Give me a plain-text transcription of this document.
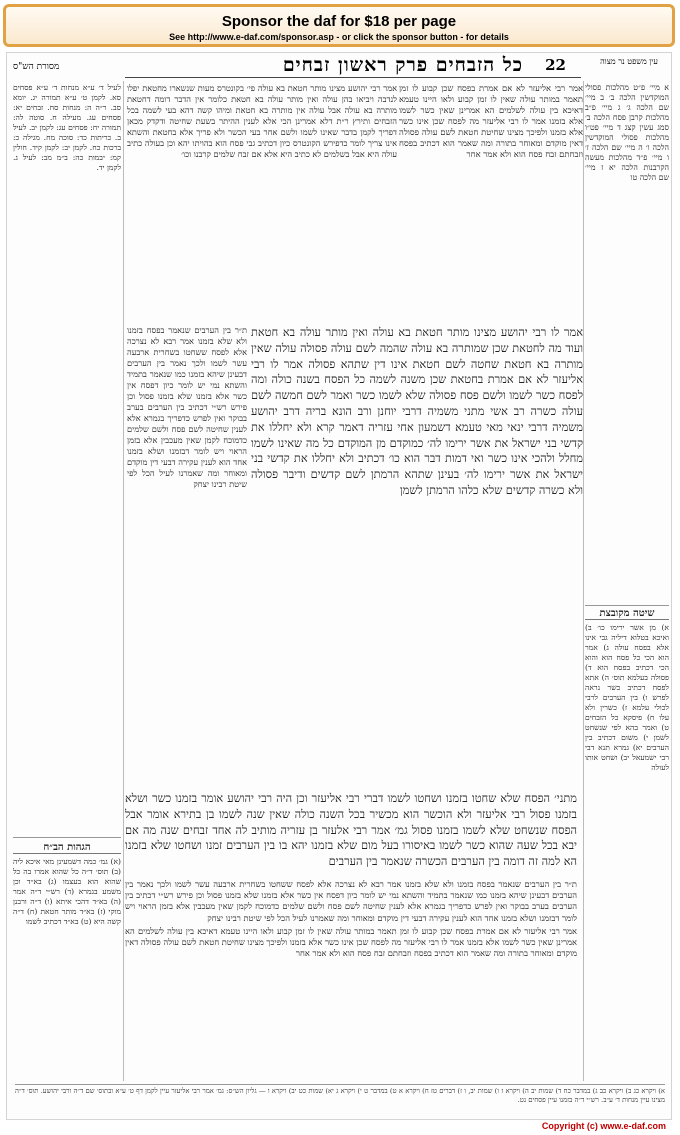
Sponsor the daf for $18 per page
See http://www.e-daf.com/sponsor.asp - or click the sponsor button - for details
22
כל הזבחים פרק ראשון זבחים	עין משפט נר מצוה
מסורת הש"ס

אמר רבי אליעזר לא אם אמרת בפסח שכן קבוע לו זמן תאמר במותר עולה שאין לו זמן קבוע ולאו היינו טעמא דאיכא בין עולה לשלמים הא אמרינן שאין כשר לשמו אלא בזמנו אמר לו רבי אליעזר מה לפסח שכן אינו כשר אלא בזמנו ולפיכך מצינו שחיטת חטאת לשם עולה פסולה דאין מוקדם ומאוחר בתורה ומה שאמר הוא דכתיב בפסח וזבחתם זבח פסח הוא ולא אמר אחר

אמר לו רבי יהושע מצינו מותר חטאת בא עולה ואין מותר עולה בא חטאת ועוד מה לחטאת שכן שמותרה בא עולה שהמה לשם עולה פסולה עולה שאין מותרה בא חטאת שחטה לשם חטאת אינו דין שתהא פסולה אמר לו רבי אליעזר לא אם אמרת בחטאת שכן משנה לשמה כל הפסח בשנה כולה ומה לפסח כשר לשמו ולשם פסח פסולה שלא לשמו כשר ואמר לשם חמשה לשם עולה כשרה רב אשי מתני משמיה דרבי יוחנן ורב הונא בריה דרב יהושע משמיה דרבי ינאי מאי טעמא דשמעון אחי עזריה דאמר קרא ולא יחללו את קדשי בני ישראל את אשר ירימו לה׳ כמוקדם מן המוקדם כל מה שאינו לשמו מחלל ולהכי אינו כשר ואי דמות דבר הוא כו׳ דכתיב ולא יחללו את קדשי בני ישראל את אשר ירימו לה׳ בעינן שתהא הרמתן לשם קדשים ודיבר פסולה ולא כשרה קדשים שלא כלהו הרמתן לשמן

אמר רבי יהושע מצינו מותר חטאת בא עולה פי׳ בקונטרס מעות שנשארו מחטאת יפלו לנדבה ויביאו בהן עולה ואין מותר עולה בא חטאת כלומר אין הדבר דומה דחטאת מותרה בא עולה אבל עולה אין מותרה בא חטאת ומיהו קשה דהא בעי לשמה בכל הזבחים ותירץ ר״ת דלא אמרינן הכי אלא לענין ההיתר בשעת שחיטה ודקדק מכאן דפריך לקמן בדבר שאינו לשמו ולשם אחר בעי הכשר ולא פריך אלא בחטאת והשתא אינו צריך לומר כדפירש הקונטרס כיון דכתיב גבי פסח הוא בהויתו יהא וכן בעולה כתיב עולה היא אבל בשלמים לא כתיב היא אלא אם זבח שלמים קרבנו וכו׳

ת״ר בין הערבים שנאמר בפסח בזמנו ולא שלא בזמנו אמר רבא לא נצרכה אלא לפסח ששחטו בשחרית ארבעה עשר לשמו ולכך נאמר בין הערבים דבעינן שיהא בזמנו כמו שנאמר בתמיד והשתא נמי יש לומר כיון דפסח אין כשר אלא בזמנו שלא בזמנו פסול וכן פירש רש״י דכתיב בין הערבים בערב בבוקר ואין לפרש כדפריך בגמרא אלא לענין שחיטה לשם פסח ולשם שלמים כדמוכח לקמן שאין מעכבין אלא בזמן הראוי ויש לומר דבזמנו ושלא בזמנו אחד הוא לענין עקירה דבעי דין מוקדם ומאוחר ומה שאמרנו לעיל הכל לפי שיטת רבינו יצחק

מתני׳ הפסח שלא שחטו בזמנו ושחטו לשמו דברי רבי אליעזר וכן היה רבי יהושע אומר בזמנו כשר ושלא בזמנו פסול רבי אליעזר ולא הוכשר הוא מכשיר בכל השנה כולה שאין שנה לשמו בן בתירא אומר אבל הפסח שנשחט שלא לשמו בזמנו פסול גמ׳ אמר רבי אלעזר בן עזריה מותיב לה אחד זבחים שנה מה אם יבא בכל שעה שהוא כשר לשמו באיסורו בעל מום שלא בזמנו יהא בו בין הערבים זמנו ושחטו שלא בזמנו הא למה זה דומה בין הערבים הכשרה שנאמר בין הערבים

ת״ר בין הערבים שנאמר בפסח בזמנו ולא שלא בזמנו אמר רבא לא נצרכה אלא לפסח ששחטו בשחרית ארבעה עשר לשמו ולכך נאמר בין הערבים דבעינן שיהא בזמנו כמו שנאמר בתמיד והשתא נמי יש לומר כיון דפסח אין כשר אלא בזמנו שלא בזמנו פסול וכן פירש רש״י דכתיב בין הערבים בערב בבוקר ואין לפרש כדפריך בגמרא אלא לענין שחיטה לשם פסח ולשם שלמים כדמוכח לקמן שאין מעכבין אלא בזמן הראוי ויש לומר דבזמנו ושלא בזמנו אחד הוא לענין עקירה דבעי דין מוקדם ומאוחר ומה שאמרנו לעיל הכל לפי שיטת רבינו יצחק

אמר רבי אליעזר לא אם אמרת בפסח שכן קבוע לו זמן תאמר במותר עולה שאין לו זמן קבוע ולאו היינו טעמא דאיכא בין עולה לשלמים הא אמרינן שאין כשר לשמו אלא בזמנו אמר לו רבי אליעזר מה לפסח שכן אינו כשר אלא בזמנו ולפיכך מצינו שחיטת חטאת לשם עולה פסולה דאין מוקדם ומאוחר בתורה ומה שאמר הוא דכתיב בפסח וזבחתם זבח פסח הוא ולא אמר אחר

א מיי׳ פ״ט מהלכות פסולי המוקדשין הלכה ב׳ ב מיי׳ שם הלכה ג׳ ג מיי׳ פ״ב מהלכות קרבן פסח הלכה ב׳ סמג עשין קצג ד מיי׳ פט״ו מהלכות פסולי המוקדשין הלכה ו׳ ה מיי׳ שם הלכה ז׳ ו מיי׳ פ״ד מהלכות מעשה הקרבנות הלכה יא ז מיי׳ שם הלכה טו

שיטה מקובצת

א) מן אשר ירימו כו׳ ב) ואיכא בטלוא דיליה גבי אינו אלא בפסח עולה ג) אמר הוא הכי כל פסח הוא והוא הכי דכתיב בפסח הוא ד) פסולה בעלמא תוס׳ ה) אתא לפסח דכתיב כשר נראה לפרש ו) בין הערבים לרבי לכולי עלמא ז) כשרין ולא עלו ח) פיסקא כל הזבחים ט) ואמר בהא לפי שנשחט לשמן י) משום דכתיב בין הערבים יא) גמרא תנא דבי רבי ישמעאל יב) ושחט אותו לעולה

לעיל ד׳ ע״א מנחות ד׳ ע״א פסחים סא. לקמן ט׳ ע״א תמורה יג. יומא סב. ר״ה ה: מנחות סח. זבחים יא: פסחים עג. מעילה ח. סוטה לה: תמורה יח: פסחים עג: לקמן יב. לעיל ב. כריתות כד: סוכה מח. מגילה כ: ברכות כח. לקמן יב: לקמן קיד. חולין קמ: יבמות כה: ב״מ מב: לעיל ג. לקמן יד.

הגהות הב״ח

(א) גמ׳ כמה דשמעינן מאי איכא ליה (ב) תוס׳ ד״ה כל שהוא אמרו בה כל שהוא הוא בעצמו (ג) בא״ד וכן משמע בגמרא (ד) רש״י ד״ה אמר (ה) בא״ד דהכי איתא (ו) ד״ה ורבנן מוקי (ז) בא״ד מותר חטאת (ח) ד״ה קשה היא (ט) בא״ד דכתיב לשמו

א) ויקרא כג ב) ויקרא כב ג) במדבר כח ד) שמות יב ה) ויקרא ז ו) שמות יב, ו ז) דברים טז ח) ויקרא א ט) במדבר ט י) ויקרא ג יא) שמות כט יב) ויקרא ו — גליון הש״ס: גמ׳ אמר רבי אליעזר עיין לקמן דף ט׳ ע״א ובתוס׳ שם ד״ה ורבי יהושע. תוס׳ ד״ה מצינו עיין מנחות ד׳ ע״ב. רש״י ד״ה בזמנו עיין פסחים נט.
Copyright (c) www.e-daf.com
